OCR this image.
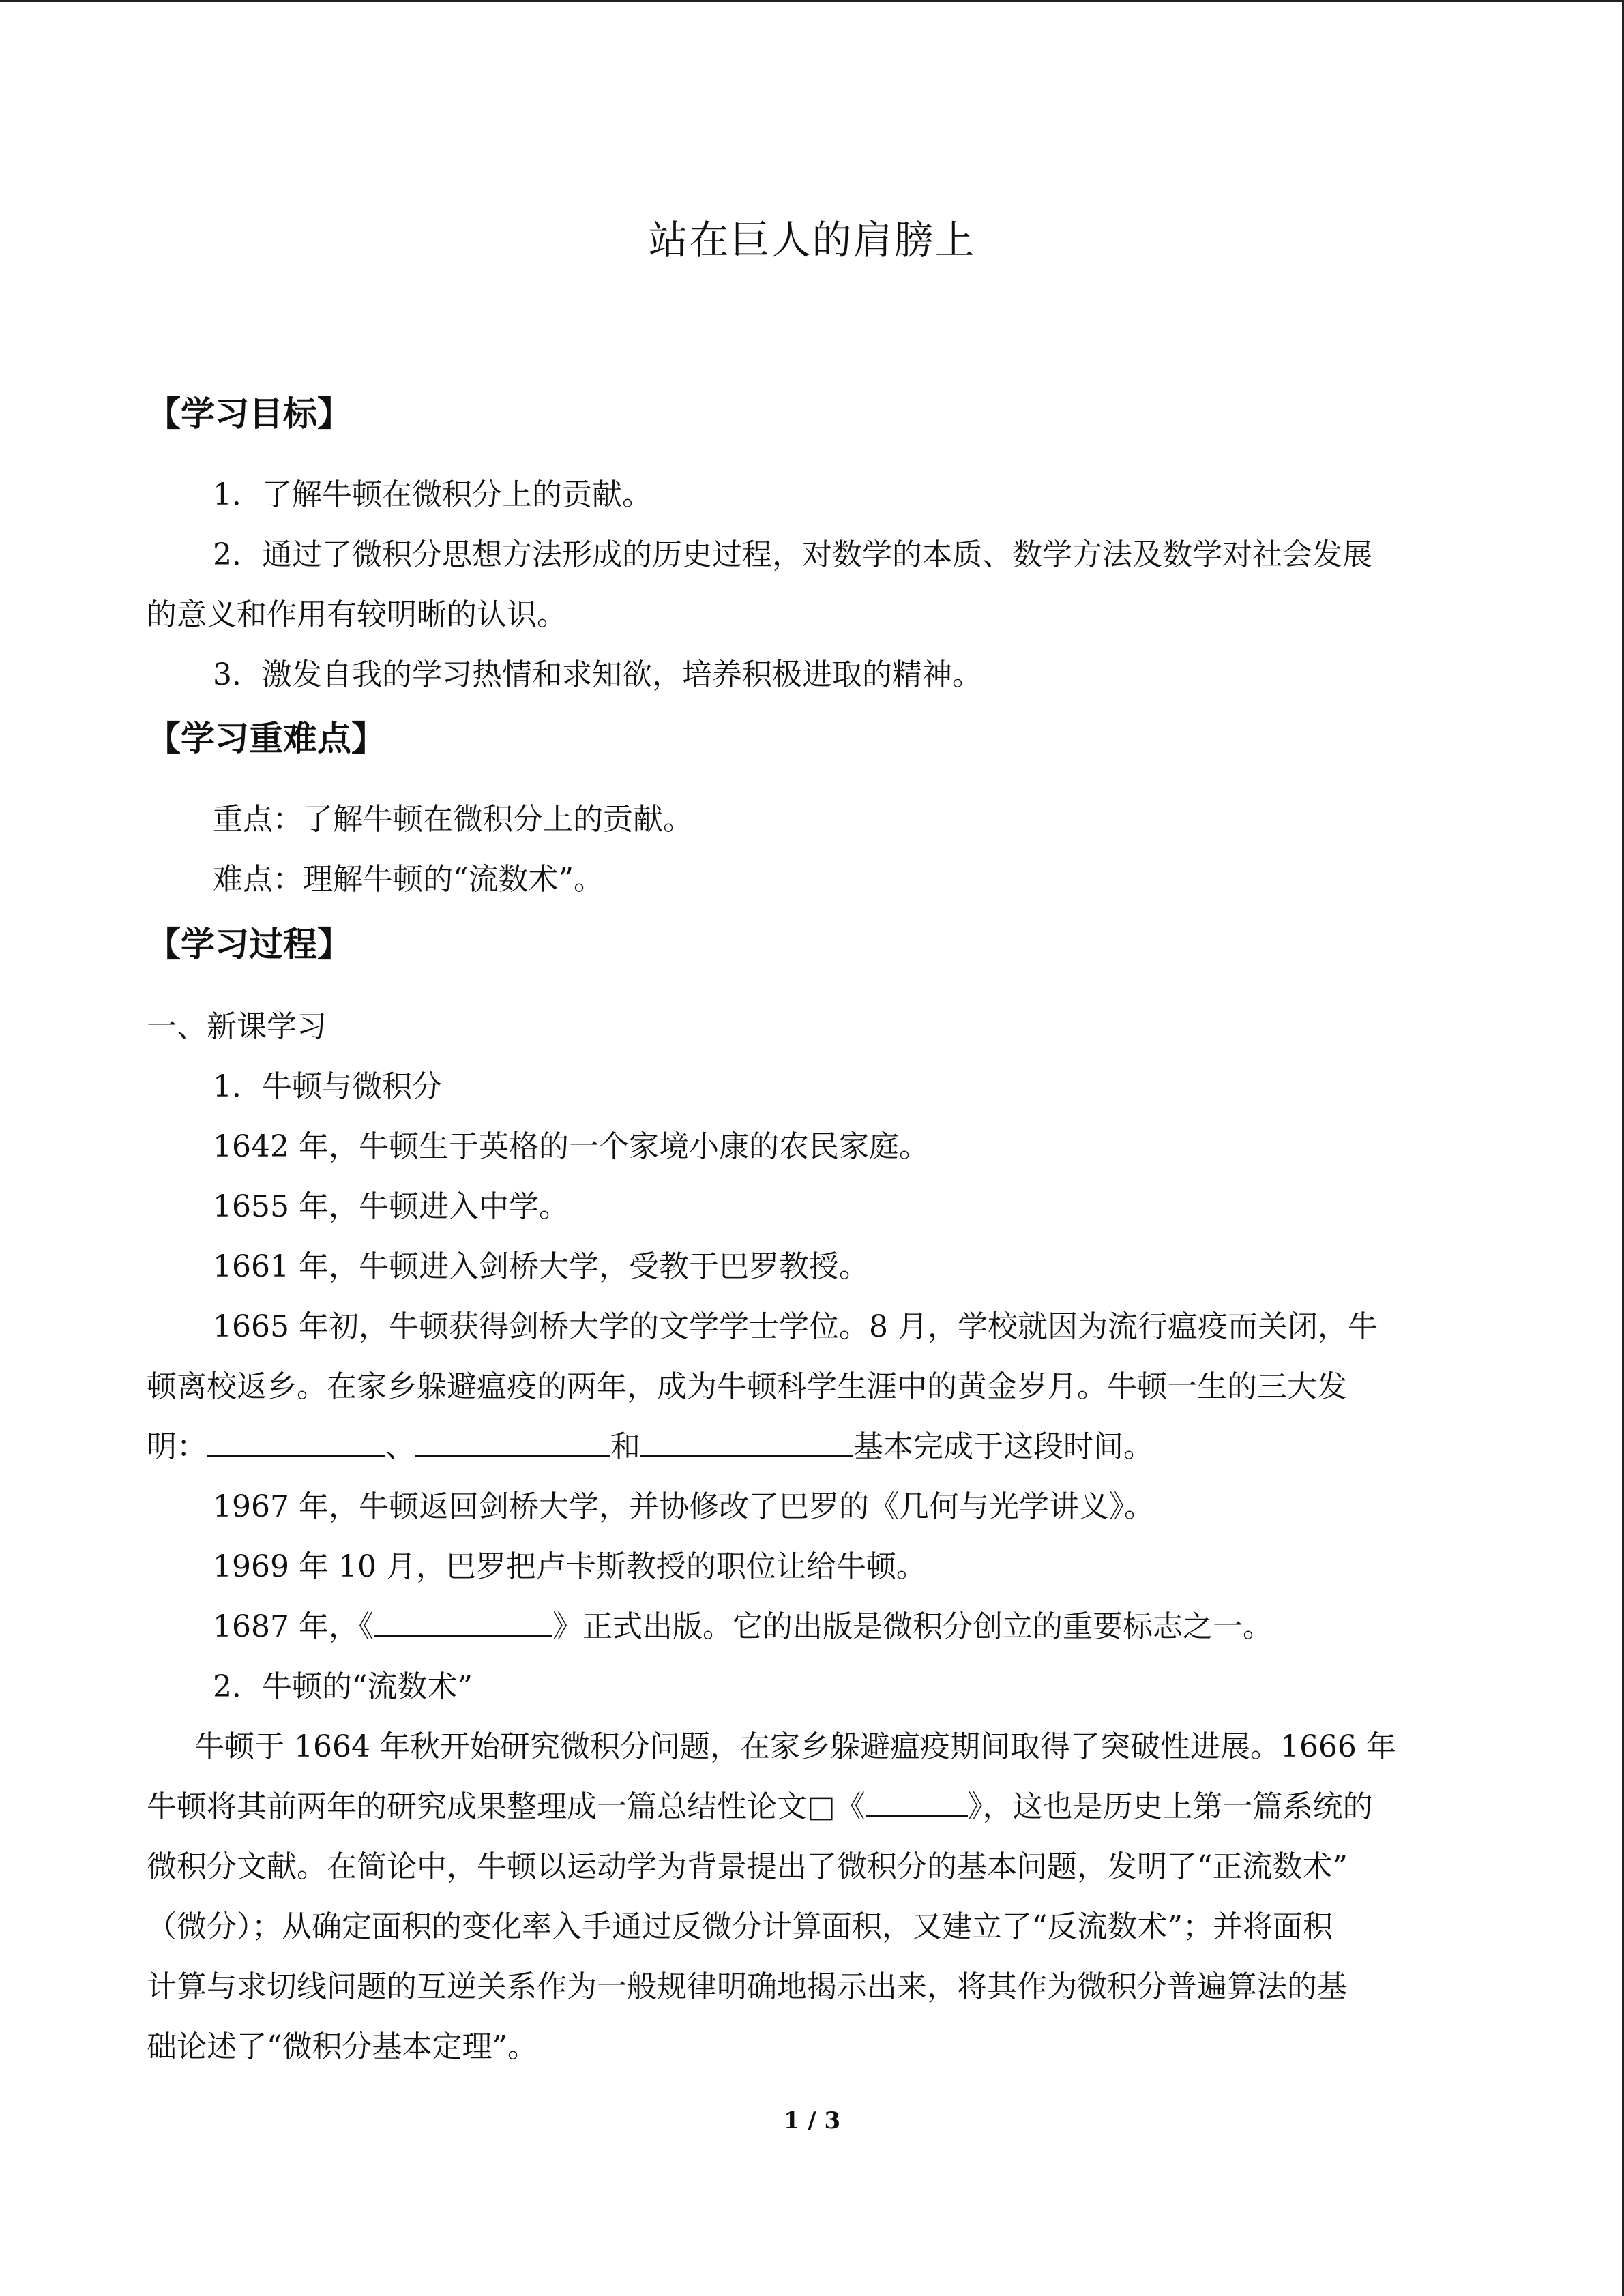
站在巨人的肩膀上
【学习目标】
1．了解牛顿在微积分上的贡献。
2．通过了微积分思想方法形成的历史过程，对数学的本质、数学方法及数学对社会发展
的意义和作用有较明晰的认识。
3．激发自我的学习热情和求知欲，培养积极进取的精神。
【学习重难点】
重点：了解牛顿在微积分上的贡献。
难点：理解牛顿的“流数术”。
【学习过程】
一、新课学习
1．牛顿与微积分
1642 年，牛顿生于英格的一个家境小康的农民家庭。
1655 年，牛顿进入中学。
1661 年，牛顿进入剑桥大学，受教于巴罗教授。
1665 年初，牛顿获得剑桥大学的文学学士学位。8 月，学校就因为流行瘟疫而关闭，牛
顿离校返乡。在家乡躲避瘟疫的两年，成为牛顿科学生涯中的黄金岁月。牛顿一生的三大发
明：	、	和	基本完成于这段时间。
1967 年，牛顿返回剑桥大学，并协修改了巴罗的《几何与光学讲义》。
1969 年 10 月，巴罗把卢卡斯教授的职位让给牛顿。
1687 年，《	》正式出版。它的出版是微积分创立的重要标志之一。
2．牛顿的“流数术”
牛顿于 1664 年秋开始研究微积分问题，在家乡躲避瘟疫期间取得了突破性进展。1666 年
牛顿将其前两年的研究成果整理成一篇总结性论文□《	》，这也是历史上第一篇系统的
微积分文献。在简论中，牛顿以运动学为背景提出了微积分的基本问题，发明了“正流数术”
（微分）；从确定面积的变化率入手通过反微分计算面积，又建立了“反流数术”；并将面积
计算与求切线问题的互逆关系作为一般规律明确地揭示出来，将其作为微积分普遍算法的基
础论述了“微积分基本定理”。
1 / 3
